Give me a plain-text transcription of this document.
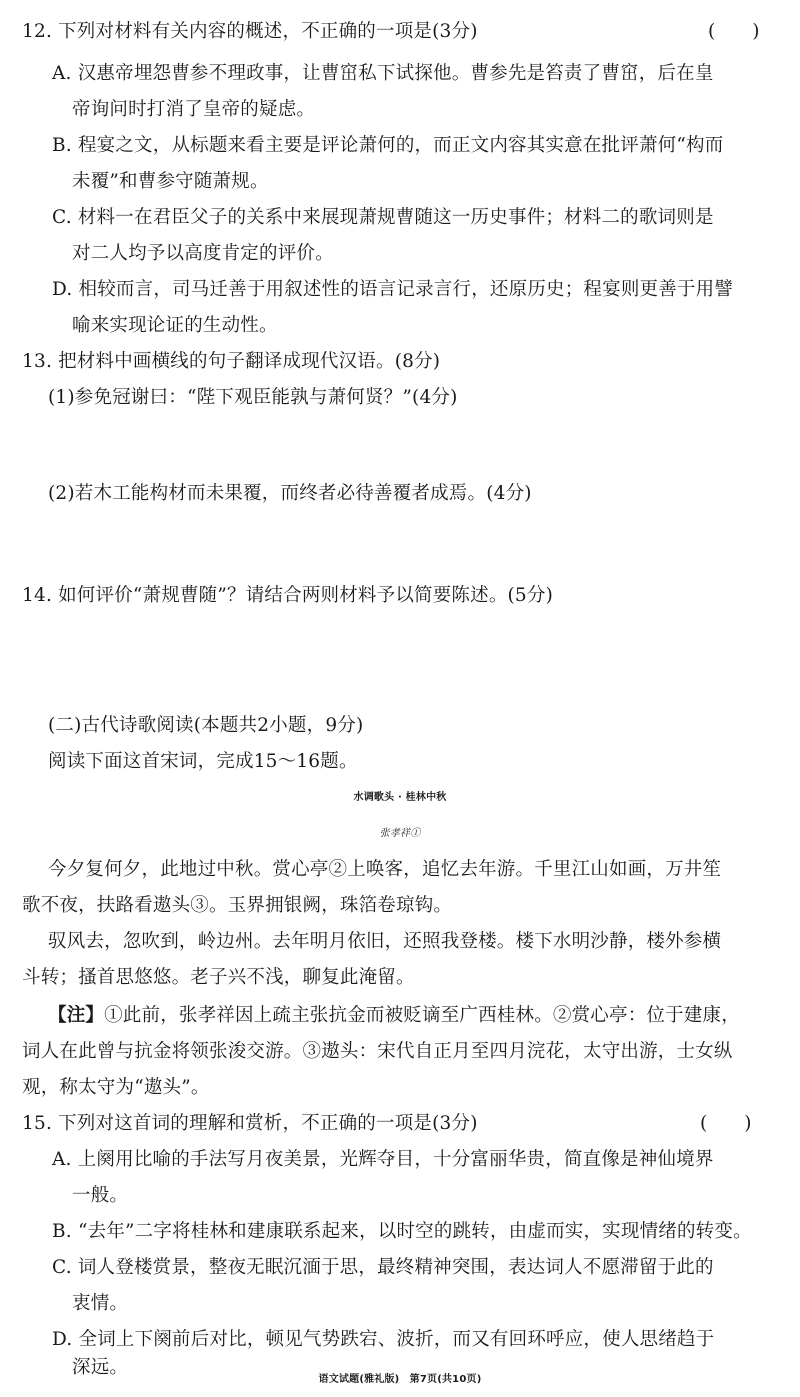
12. 下列对材料有关内容的概述，不正确的一项是(3分)	(　　)
A. 汉惠帝埋怨曹参不理政事，让曹窋私下试探他。曹参先是笞责了曹窋，后在皇
帝询问时打消了皇帝的疑虑。
B. 程宴之文，从标题来看主要是评论萧何的，而正文内容其实意在批评萧何“构而
未覆”和曹参守随萧规。
C. 材料一在君臣父子的关系中来展现萧规曹随这一历史事件；材料二的歌词则是
对二人均予以高度肯定的评价。
D. 相较而言，司马迁善于用叙述性的语言记录言行，还原历史；程宴则更善于用譬
喻来实现论证的生动性。
13. 把材料中画横线的句子翻译成现代汉语。(8分)
(1)参免冠谢曰：“陛下观臣能孰与萧何贤？”(4分)
(2)若木工能构材而未果覆，而终者必待善覆者成焉。(4分)
14. 如何评价“萧规曹随”？请结合两则材料予以简要陈述。(5分)
(二)古代诗歌阅读(本题共2小题，9分)
阅读下面这首宋词，完成15～16题。
水调歌头 · 桂林中秋
张孝祥①
今夕复何夕，此地过中秋。赏心亭②上唤客，追忆去年游。千里江山如画，万井笙
歌不夜，扶路看遨头③。玉界拥银阙，珠箔卷琼钩。
驭风去，忽吹到，岭边州。去年明月依旧，还照我登楼。楼下水明沙静，楼外参横
斗转；搔首思悠悠。老子兴不浅，聊复此淹留。
【注】①此前，张孝祥因上疏主张抗金而被贬谪至广西桂林。②赏心亭：位于建康，
词人在此曾与抗金将领张浚交游。③遨头：宋代自正月至四月浣花，太守出游，士女纵
观，称太守为“遨头”。
15. 下列对这首词的理解和赏析，不正确的一项是(3分)	(　　)
A. 上阕用比喻的手法写月夜美景，光辉夺目，十分富丽华贵，简直像是神仙境界
一般。
B. “去年”二字将桂林和建康联系起来，以时空的跳转，由虚而实，实现情绪的转变。
C. 词人登楼赏景，整夜无眠沉湎于思，最终精神突围，表达词人不愿滞留于此的
衷情。
D. 全词上下阕前后对比，顿见气势跌宕、波折，而又有回环呼应，使人思绪趋于
深远。
语文试题(雅礼版)　第7页(共10页)
